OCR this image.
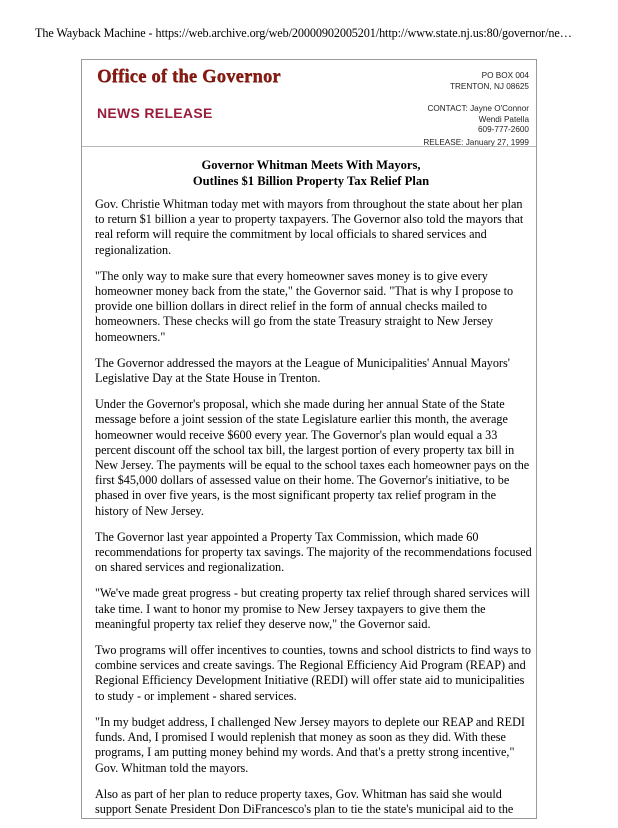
The Wayback Machine - https://web.archive.org/web/20000902005201/http://www.state.nj.us:80/governor/ne…
Office of the Governor
NEWS RELEASE
PO BOX 004
TRENTON, NJ 08625
CONTACT: Jayne O'Connor
Wendi Patella
609-777-2600
RELEASE: January 27, 1999
Governor Whitman Meets With Mayors,
Outlines $1 Billion Property Tax Relief Plan

Gov. Christie Whitman today met with mayors from throughout the state about her plan to return $1 billion a year to property taxpayers. The Governor also told the mayors that real reform will require the commitment by local officials to shared services and regionalization.

"The only way to make sure that every homeowner saves money is to give every homeowner money back from the state," the Governor said. "That is why I propose to provide one billion dollars in direct relief in the form of annual checks mailed to homeowners. These checks will go from the state Treasury straight to New Jersey homeowners."

The Governor addressed the mayors at the League of Municipalities' Annual Mayors' Legislative Day at the State House in Trenton.

Under the Governor's proposal, which she made during her annual State of the State message before a joint session of the state Legislature earlier this month, the average homeowner would receive $600 every year. The Governor's plan would equal a 33 percent discount off the school tax bill, the largest portion of every property tax bill in New Jersey. The payments will be equal to the school taxes each homeowner pays on the first $45,000 dollars of assessed value on their home. The Governor's initiative, to be phased in over five years, is the most significant property tax relief program in the history of New Jersey.

The Governor last year appointed a Property Tax Commission, which made 60 recommendations for property tax savings. The majority of the recommendations focused on shared services and regionalization.

"We've made great progress - but creating property tax relief through shared services will take time. I want to honor my promise to New Jersey taxpayers to give them the meaningful property tax relief they deserve now," the Governor said.

Two programs will offer incentives to counties, towns and school districts to find ways to combine services and create savings. The Regional Efficiency Aid Program (REAP) and Regional Efficiency Development Initiative (REDI) will offer state aid to municipalities to study - or implement - shared services.

"In my budget address, I challenged New Jersey mayors to deplete our REAP and REDI funds. And, I promised I would replenish that money as soon as they did. With these programs, I am putting money behind my words. And that's a pretty strong incentive," Gov. Whitman told the mayors.

Also as part of her plan to reduce property taxes, Gov. Whitman has said she would support Senate President Don DiFrancesco's plan to tie the state's municipal aid to the
